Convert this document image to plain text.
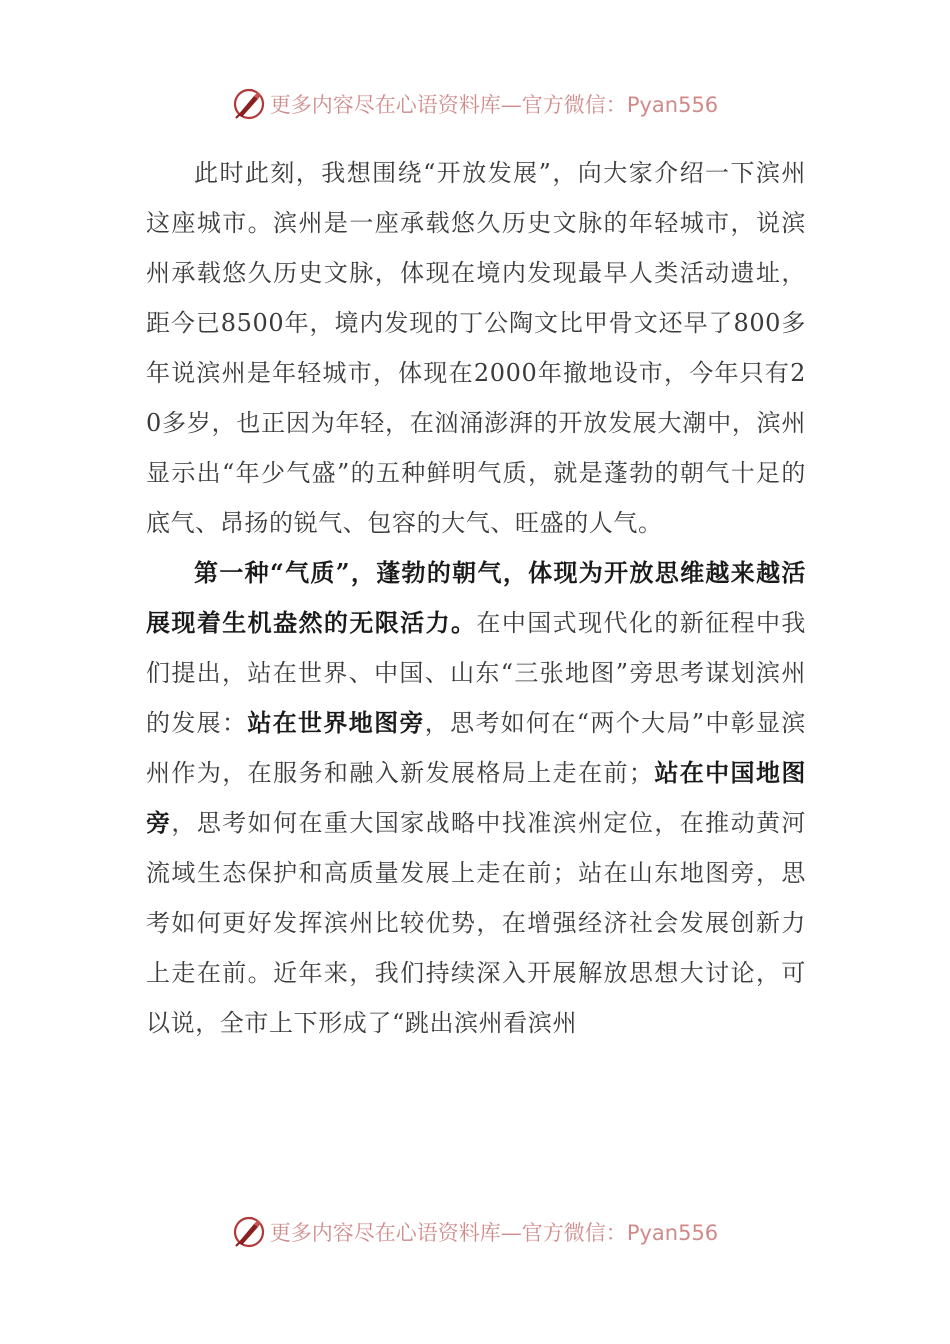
更多内容尽在心语资料库—官方微信：Pyan556

此时此刻，我想围绕“开放发展”，向大家介绍一下滨州这座城市。滨州是一座承载悠久历史文脉的年轻城市，说滨州承载悠久历史文脉，体现在境内发现最早人类活动遗址，距今已8500年，境内发现的丁公陶文比甲骨文还早了800多年说滨州是年轻城市，体现在2000年撤地设市，今年只有20多岁，也正因为年轻，在汹涌澎湃的开放发展大潮中，滨州显示出“年少气盛”的五种鲜明气质，就是蓬勃的朝气十足的底气、昂扬的锐气、包容的大气、旺盛的人气。

第一种“气质”，蓬勃的朝气，体现为开放思维越来越活展现着生机盎然的无限活力。在中国式现代化的新征程中我们提出，站在世界、中国、山东“三张地图”旁思考谋划滨州的发展：站在世界地图旁，思考如何在“两个大局”中彰显滨州作为，在服务和融入新发展格局上走在前；站在中国地图旁，思考如何在重大国家战略中找准滨州定位，在推动黄河流域生态保护和高质量发展上走在前；站在山东地图旁，思考如何更好发挥滨州比较优势，在增强经济社会发展创新力上走在前。近年来，我们持续深入开展解放思想大讨论，可以说，全市上下形成了“跳出滨州看滨州

更多内容尽在心语资料库—官方微信：Pyan556
